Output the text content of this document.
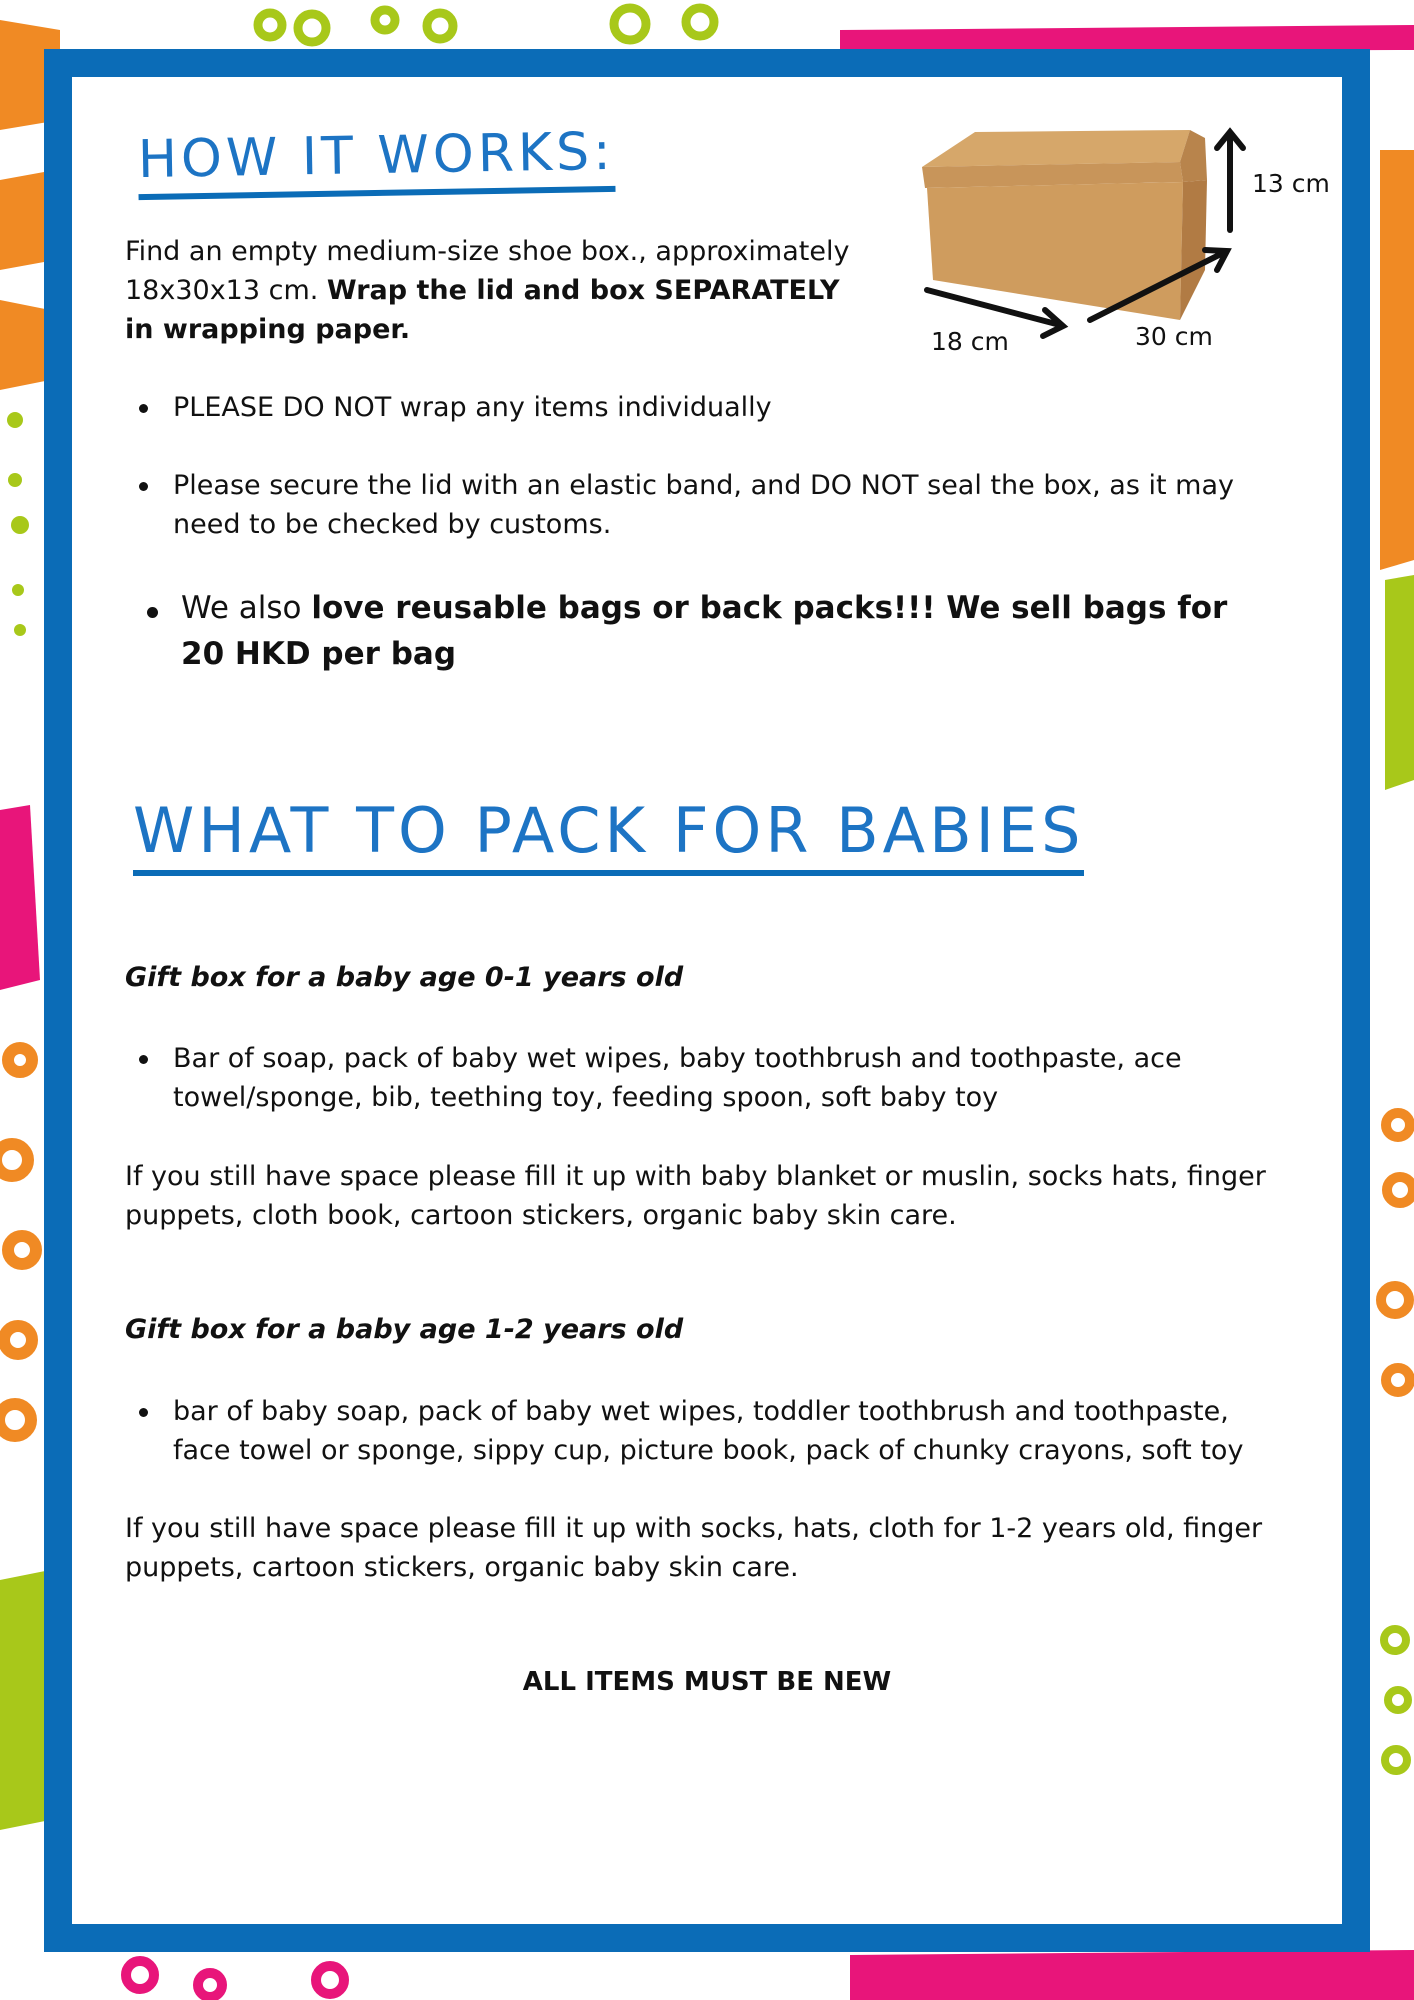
HOW IT WORKS:
Find an empty medium-size shoe box., approximately 18x30x13 cm. Wrap the lid and box SEPARATELY in wrapping paper.
13 cm
18 cm	30 cm
PLEASE DO NOT wrap any items individually
Please secure the lid with an elastic band, and DO NOT seal the box, as it may need to be checked by customs.
We also love reusable bags or back packs!!! We sell bags for 20 HKD per bag
WHAT TO PACK FOR BABIES
Gift box for a baby age 0-1 years old
Bar of soap, pack of baby wet wipes, baby toothbrush and toothpaste, ace towel/sponge, bib, teething toy, feeding spoon, soft baby toy
If you still have space please fill it up with baby blanket or muslin, socks hats, finger puppets, cloth book, cartoon stickers, organic baby skin care.
Gift box for a baby age 1-2 years old
bar of baby soap, pack of baby wet wipes, toddler toothbrush and toothpaste, face towel or sponge, sippy cup, picture book, pack of chunky crayons, soft toy
If you still have space please fill it up with socks, hats, cloth for 1-2 years old, finger puppets, cartoon stickers, organic baby skin care.
ALL ITEMS MUST BE NEW
